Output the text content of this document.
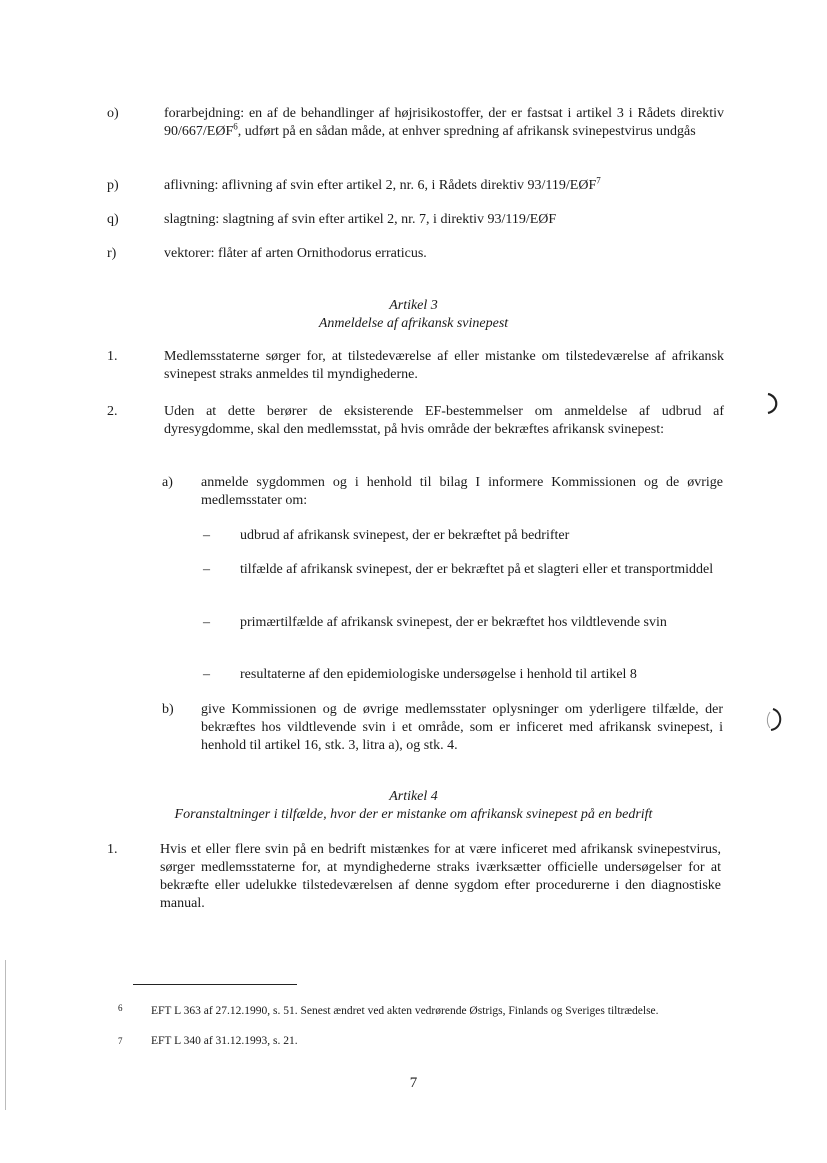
o)	forarbejdning: en af de behandlinger af højrisikostoffer, der er fastsat i artikel 3 i Rådets direktiv 90/667/EØF$^6$, udført på en sådan måde, at enhver spredning af afrikansk svinepestvirus undgås
p)	aflivning: aflivning af svin efter artikel 2, nr. 6, i Rådets direktiv 93/119/EØF$^7$
q)	slagtning: slagtning af svin efter artikel 2, nr. 7, i direktiv 93/119/EØF
r)	vektorer: flåter af arten Ornithodorus erraticus.
Artikel 3
Anmeldelse af afrikansk svinepest
1.	Medlemsstaterne sørger for, at tilstedeværelse af eller mistanke om tilstedeværelse af afrikansk svinepest straks anmeldes til myndighederne.
2.	Uden at dette berører de eksisterende EF-bestemmelser om anmeldelse af udbrud af dyresygdomme, skal den medlemsstat, på hvis område der bekræftes afrikansk svinepest:
a) anmelde sygdommen og i henhold til bilag I informere Kommissionen og de øvrige medlemsstater om:
– udbrud af afrikansk svinepest, der er bekræftet på bedrifter
– tilfælde af afrikansk svinepest, der er bekræftet på et slagteri eller et transportmiddel
– primærtilfælde af afrikansk svinepest, der er bekræftet hos vildtlevende svin
– resultaterne af den epidemiologiske undersøgelse i henhold til artikel 8
b) give Kommissionen og de øvrige medlemsstater oplysninger om yderligere tilfælde, der bekræftes hos vildtlevende svin i et område, som er inficeret med afrikansk svinepest, i henhold til artikel 16, stk. 3, litra a), og stk. 4.
Artikel 4
Foranstaltninger i tilfælde, hvor der er mistanke om afrikansk svinepest på en bedrift
1.	Hvis et eller flere svin på en bedrift mistænkes for at være inficeret med afrikansk svinepestvirus, sørger medlemsstaterne for, at myndighederne straks iværksætter officielle undersøgelser for at bekræfte eller udelukke tilstedeværelsen af denne sygdom efter procedurerne i den diagnostiske manual.
6 EFT L 363 af 27.12.1990, s. 51. Senest ændret ved akten vedrørende Østrigs, Finlands og Sveriges tiltrædelse.
7 EFT L 340 af 31.12.1993, s. 21.
7
